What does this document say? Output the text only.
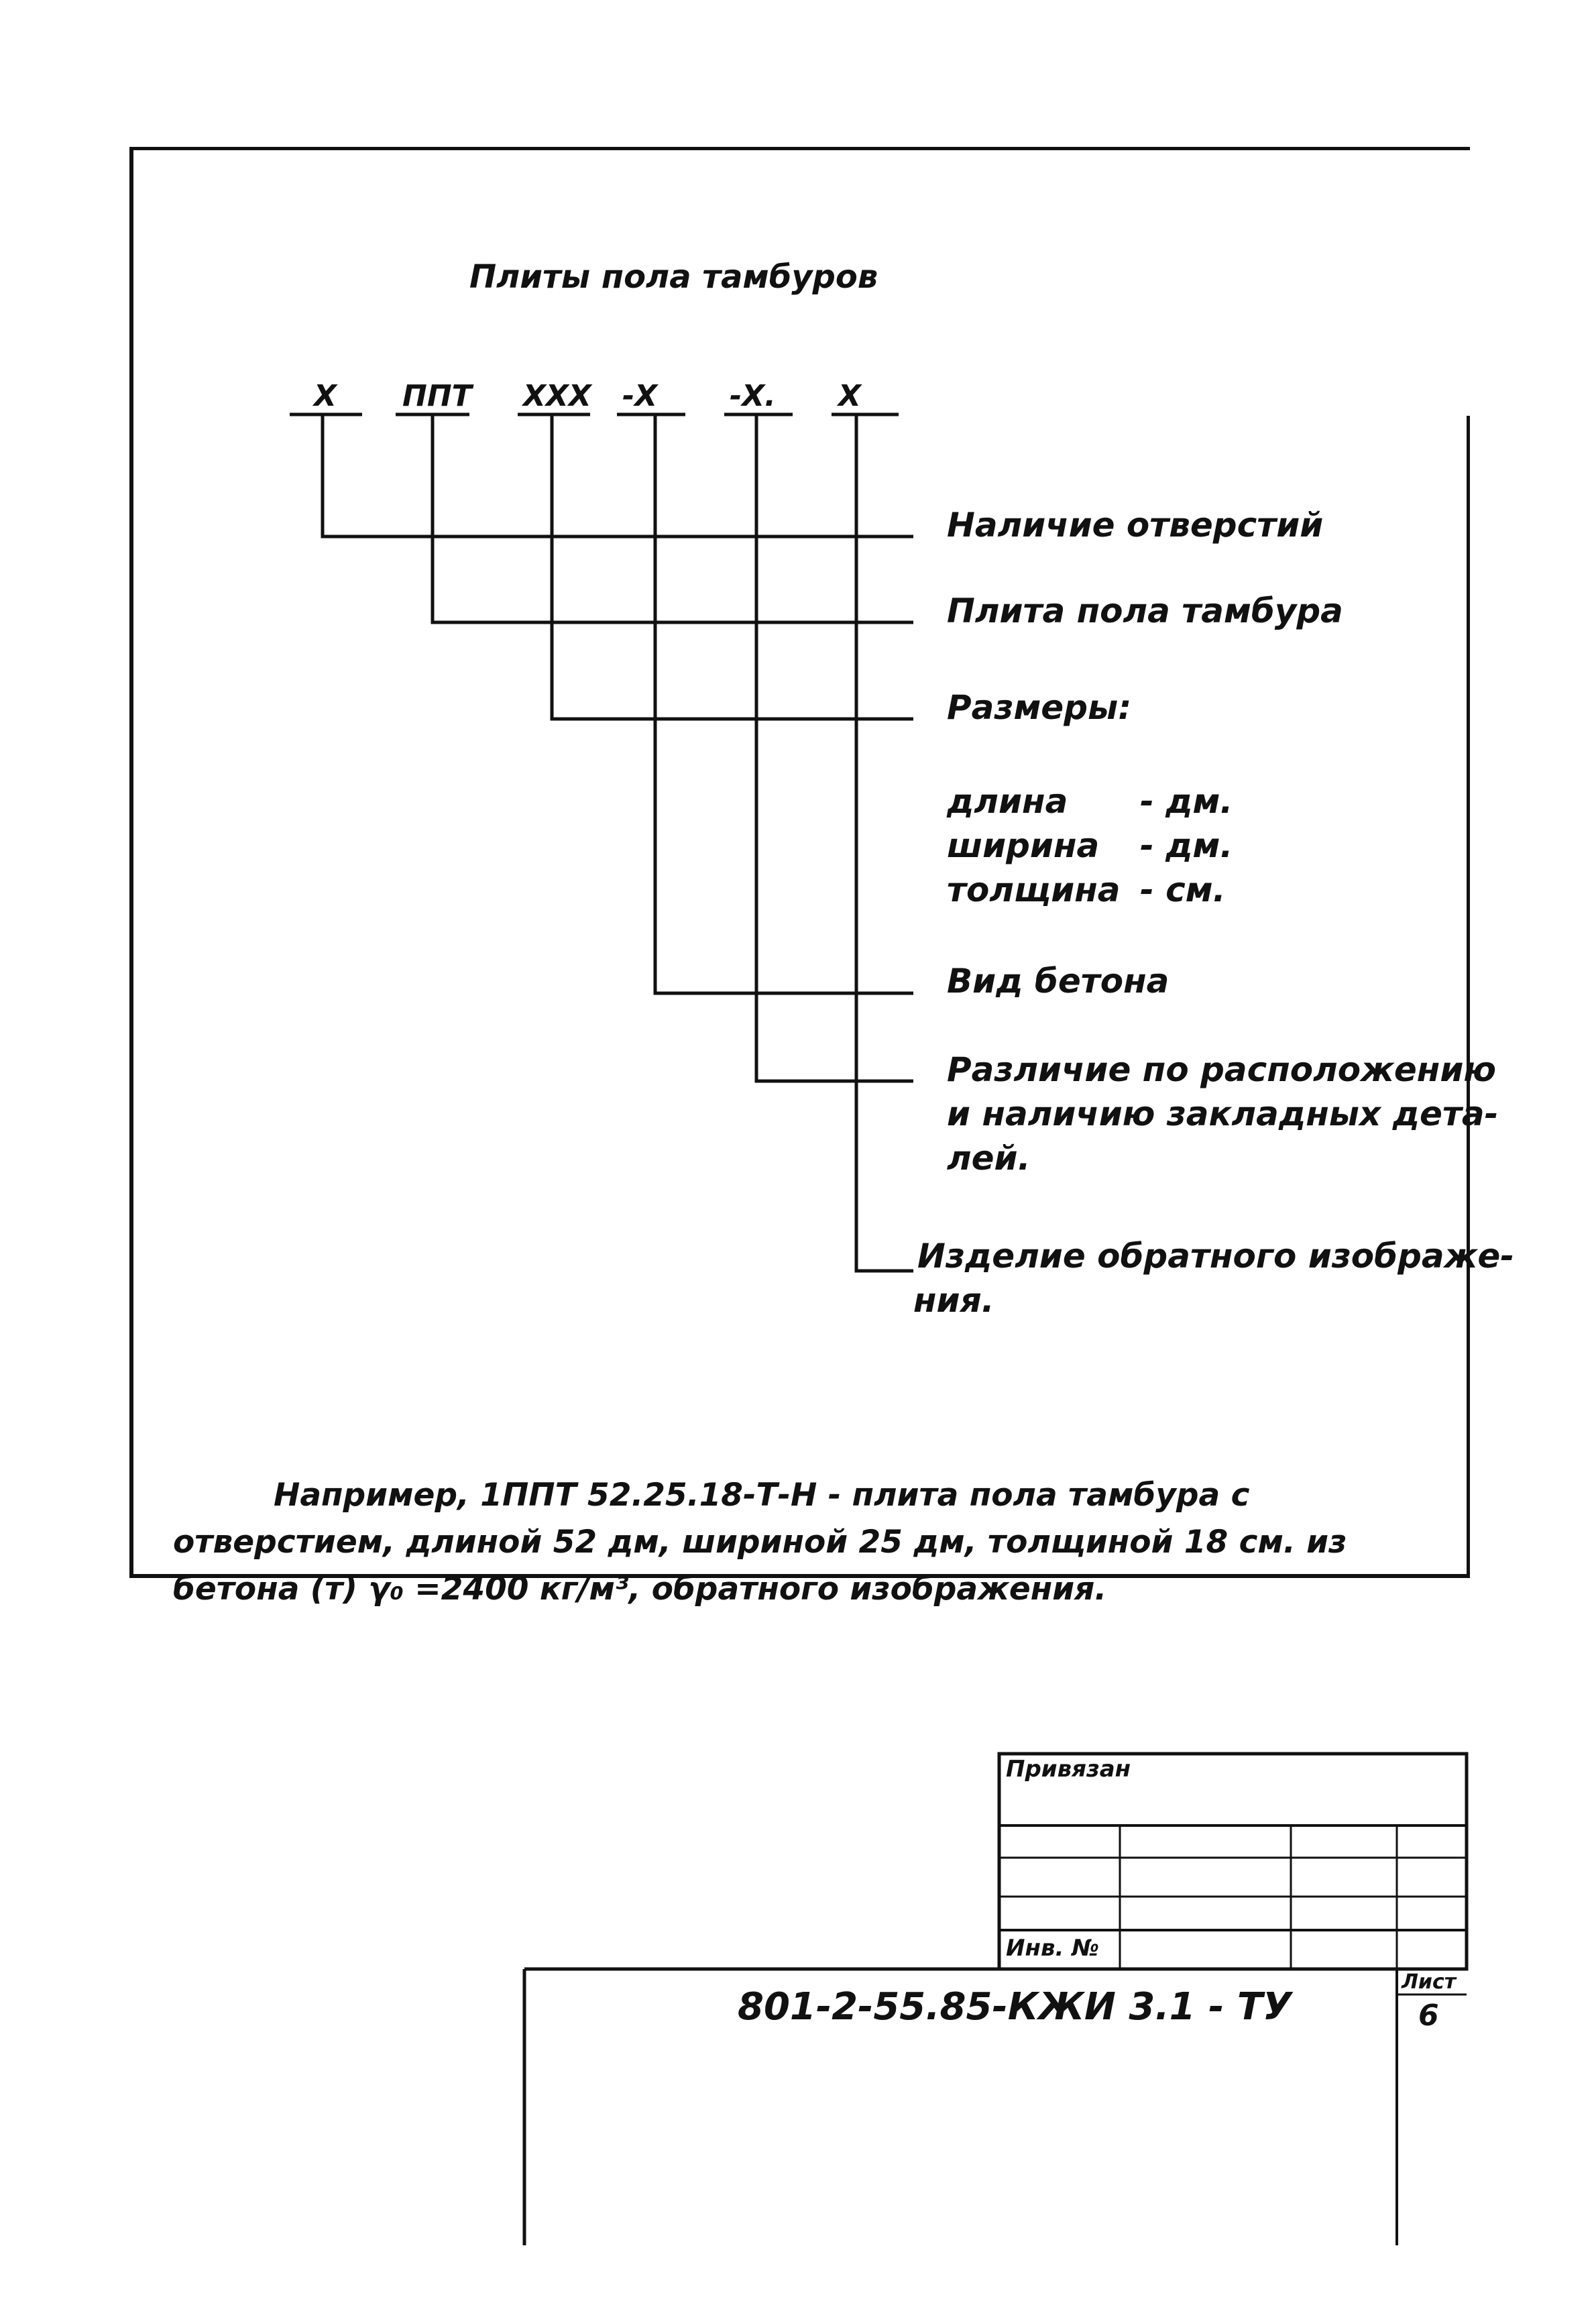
Плиты пола тамбуров
Х ППТ ХХХ -Х -Х. Х
Наличие отверстий
Плита пола тамбура
Размеры:
длина - дм.
ширина - дм.
толщина - см.
Вид бетона
Различие по расположению
и наличию закладных дета-
лей.
Изделие обратного изображе-
ния.

Например, 1ППТ 52.25.18-Т-Н - плита пола тамбура с

отверстием, длиной 52 дм, шириной 25 дм, толщиной 18 см. из

бетона (т) γ₀ =2400 кг/м³, обратного изображения.

Привязан
Инв. №
Лист
801-2-55.85-КЖИ 3.1 - ТУ	6
